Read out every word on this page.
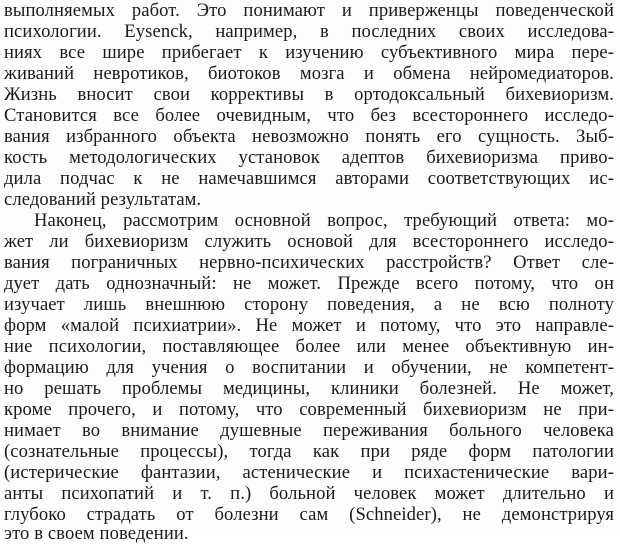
выполняемых работ. Это понимают и приверженцы поведенческой
психологии. Eysenck, например, в последних своих исследова-
ниях все шире прибегает к изучению субъективного мира пере-
живаний невротиков, биотоков мозга и обмена нейромедиаторов.
Жизнь вносит свои коррективы в ортодоксальный бихевиоризм.
Становится все более очевидным, что без всестороннего исследо-
вания избранного объекта невозможно понять его сущность. Зыб-
кость методологических установок адептов бихевиоризма приво-
дила подчас к не намечавшимся авторами соответствующих ис-
следований результатам.
Наконец, рассмотрим основной вопрос, требующий ответа: мо-
жет ли бихевиоризм служить основой для всестороннего исследо-
вания пограничных нервно-психических расстройств? Ответ сле-
дует дать однозначный: не может. Прежде всего потому, что он
изучает лишь внешнюю сторону поведения, а не всю полноту
форм «малой психиатрии». Не может и потому, что это направле-
ние психологии, поставляющее более или менее объективную ин-
формацию для учения о воспитании и обучении, не компетент-
но решать проблемы медицины, клиники болезней. Не может,
кроме прочего, и потому, что современный бихевиоризм не при-
нимает во внимание душевные переживания больного человека
(сознательные процессы), тогда как при ряде форм патологии
(истерические фантазии, астенические и психастенические вари-
анты психопатий и т. п.) больной человек может длительно и
глубоко страдать от болезни сам (Schneider), не демонстрируя
это в своем поведении.
